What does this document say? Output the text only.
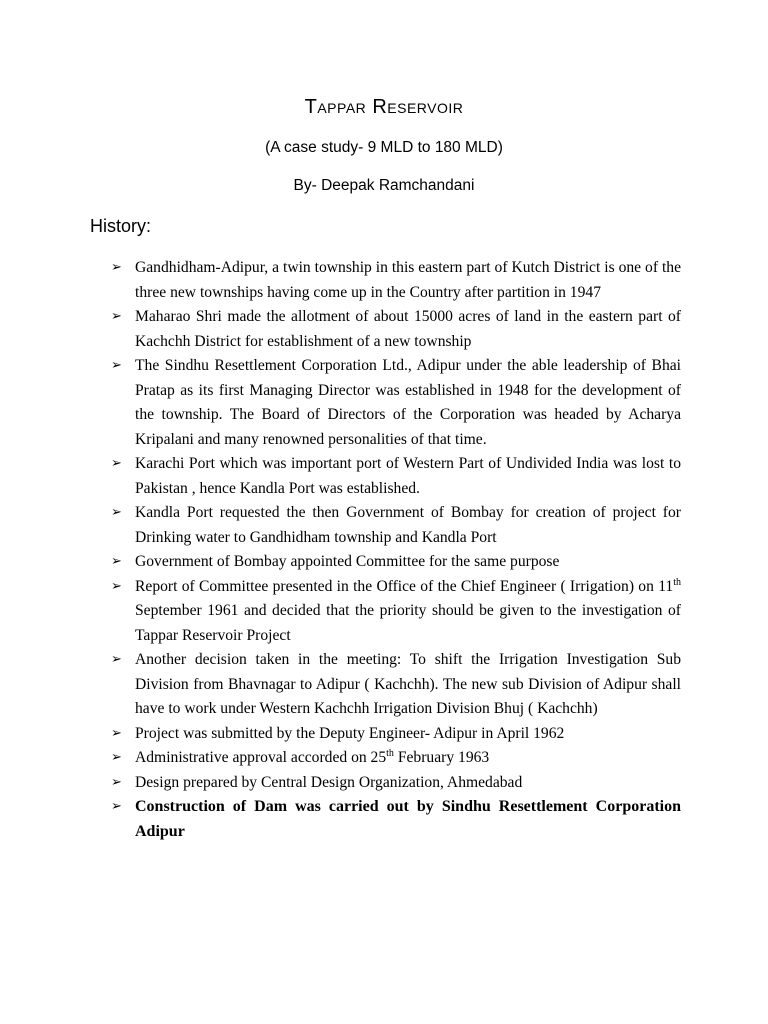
Tappar Reservoir

(A case study- 9 MLD to 180 MLD)

By- Deepak Ramchandani

History:
➢ Gandhidham-Adipur, a twin township in this eastern part of Kutch District is one of the three new townships having come up in the Country after partition in 1947
➢ Maharao Shri made the allotment of about 15000 acres of land in the eastern part of Kachchh District for establishment of a new township
➢ The Sindhu Resettlement Corporation Ltd., Adipur under the able leadership of Bhai Pratap as its first Managing Director was established in 1948 for the development of the township. The Board of Directors of the Corporation was headed by Acharya Kripalani and many renowned personalities of that time.
➢ Karachi Port which was important port of Western Part of Undivided India was lost to Pakistan , hence Kandla Port was established.
➢ Kandla Port requested the then Government of Bombay for creation of project for Drinking water to Gandhidham township and Kandla Port
➢ Government of Bombay appointed Committee for the same purpose
➢ Report of Committee presented in the Office of the Chief Engineer ( Irrigation) on 11th September 1961 and decided that the priority should be given to the investigation of Tappar Reservoir Project
➢ Another decision taken in the meeting: To shift the Irrigation Investigation Sub Division from Bhavnagar to Adipur ( Kachchh). The new sub Division of Adipur shall have to work under Western Kachchh Irrigation Division Bhuj ( Kachchh)
➢ Project was submitted by the Deputy Engineer- Adipur in April 1962
➢ Administrative approval accorded on 25th February 1963
➢ Design prepared by Central Design Organization, Ahmedabad
➢ Construction of Dam was carried out by Sindhu Resettlement Corporation Adipur
